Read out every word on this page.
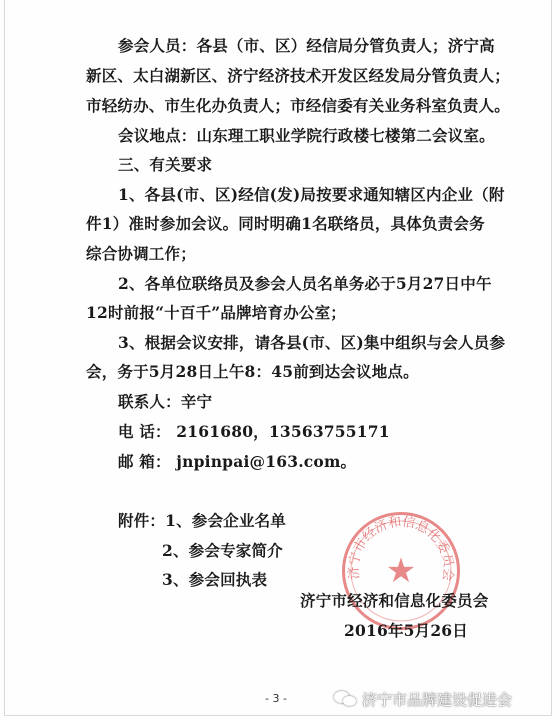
参会人员：各县（市、区）经信局分管负责人；济宁高
新区、太白湖新区、济宁经济技术开发区经发局分管负责人；
市轻纺办、市生化办负责人；市经信委有关业务科室负责人。
会议地点：山东理工职业学院行政楼七楼第二会议室。
三、有关要求
1、各县(市、区)经信(发)局按要求通知辖区内企业（附
件1）准时参加会议。同时明确1名联络员，具体负责会务
综合协调工作；
2、各单位联络员及参会人员名单务必于5月27日中午
12时前报“十百千”品牌培育办公室；
3、根据会议安排，请各县(市、区)集中组织与会人员参
会，务于5月28日上午8：45前到达会议地点。
联系人：辛宁
电 话： 2161680，13563755171
邮 箱： jnpinpai@163.com。
附件：1、参会企业名单
2、参会专家简介
3、参会回执表	济宁市经济和信息化委员会
★
济宁市经济和信息化委员会
2016年5月26日
- 3 -	济宁市品牌建设促进会
